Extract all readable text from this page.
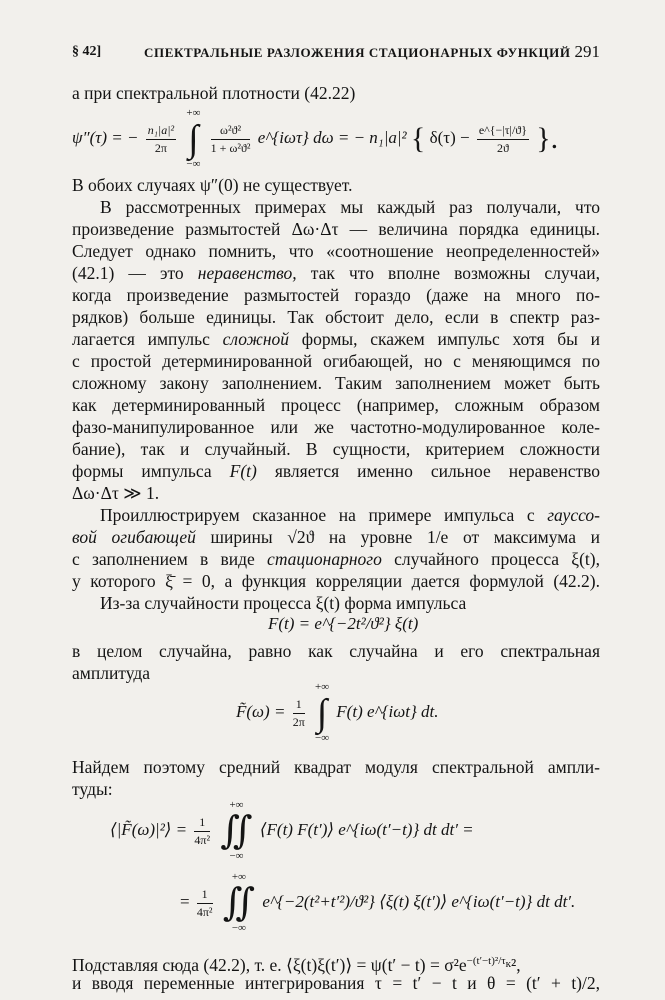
§ 42]	СПЕКТРАЛЬНЫЕ РАЗЛОЖЕНИЯ СТАЦИОНАРНЫХ ФУНКЦИЙ 291
а при спектральной плотности (42.22)
ψ″(τ) = − $\frac{\text{n₁|a|²}}{2\pi}$

+∞
∫
−∞

$\frac{\text{ω²ϑ²}}{\text{1 + ω²ϑ²}}$ e^{iωτ} dω = − n₁|a|² { $\delta(\tau) - \frac{e\^{}\{-|\tau|/ϑ\}}{2ϑ}$ }.
В обоих случаях ψ″(0) не существует.
В рассмотренных примерах мы каждый раз получали, что
произведение размытостей Δω·Δτ — величина порядка единицы.
Следует однако помнить, что «соотношение неопределенностей»
(42.1) — это неравенство, так что вполне возможны случаи,
когда произведение размытостей гораздо (даже на много по-
рядков) больше единицы. Так обстоит дело, если в спектр раз-
лагается импульс сложной формы, скажем импульс хотя бы и
с простой детерминированной огибающей, но с меняющимся по
сложному закону заполнением. Таким заполнением может быть
как детерминированный процесс (например, сложным образом
фазо-манипулированное или же частотно-модулированное коле-
бание), так и случайный. В сущности, критерием сложности
формы импульса F(t) является именно сильное неравенство
Δω·Δτ ≫ 1.
Проиллюстрируем сказанное на примере импульса с гауссо-
вой огибающей ширины √2ϑ на уровне 1/e от максимума и
с заполнением в виде стационарного случайного процесса ξ(t),
у которого ξ̄ = 0, а функция корреляции дается формулой (42.2).
Из-за случайности процесса ξ(t) форма импульса
F(t) = e^{−2t²/ϑ²} ξ(t)
в целом случайна, равно как случайна и его спектральная
амплитуда
F̃(ω) = $\frac{1}{2\pi}$

+∞
∫
−∞
F(t) e^{iωt} dt.
Найдем поэтому средний квадрат модуля спектральной ампли-
туды:
⟨|F̃(ω)|²⟩ = $\frac{1}{\text{4π²}}$

+∞
∬
−∞
⟨F(t) F(t′)⟩ e^{iω(t′−t)} dt dt′ =
= $\frac{1}{\text{4π²}}$

+∞
∬
−∞
e^{−2(t²+t′²)/ϑ²} ⟨ξ(t) ξ(t′)⟩ e^{iω(t′−t)} dt dt′.
Подставляя сюда (42.2), т. е. ⟨ξ(t)ξ(t′)⟩ = $\psi(t' - t) = \sigma^2e^{-(t'-t)^2/\tau_к}^2$,
и вводя переменные интегрирования τ = t′ − t и θ = (t′ + t)/2,
